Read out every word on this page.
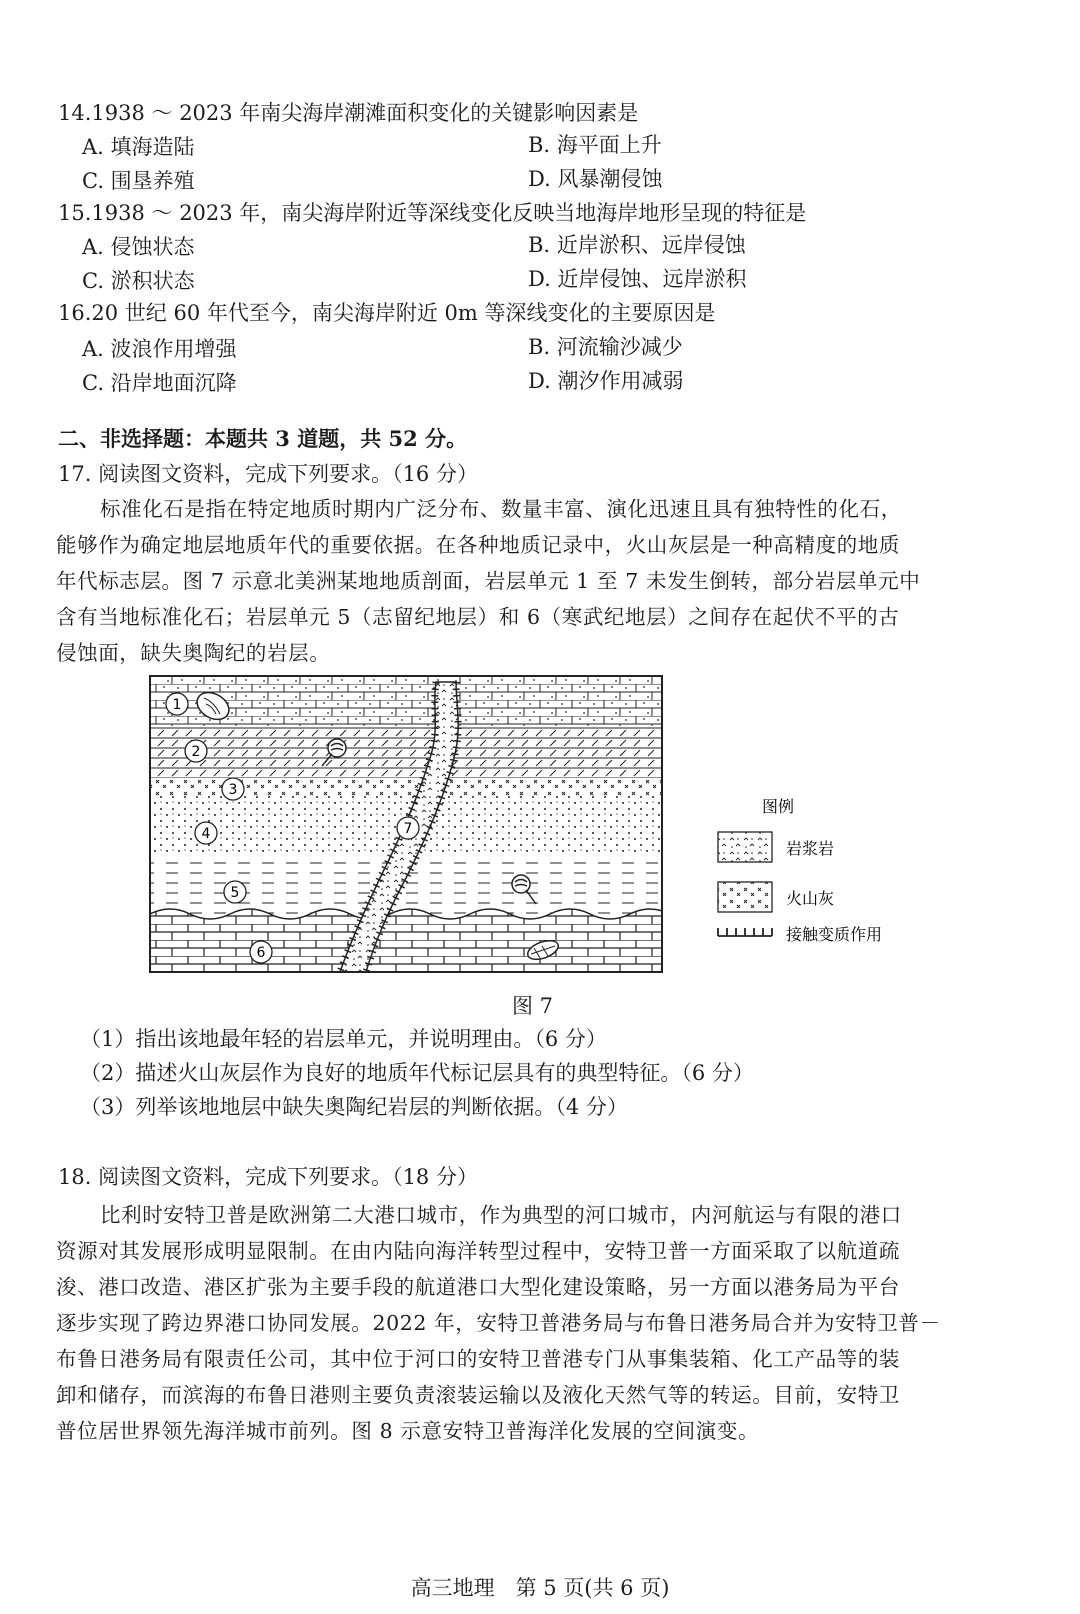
14.1938 ～ 2023 年南尖海岸潮滩面积变化的关键影响因素是
A. 填海造陆	B. 海平面上升
C. 围垦养殖	D. 风暴潮侵蚀
15.1938 ～ 2023 年，南尖海岸附近等深线变化反映当地海岸地形呈现的特征是
A. 侵蚀状态	B. 近岸淤积、远岸侵蚀
C. 淤积状态	D. 近岸侵蚀、远岸淤积
16.20 世纪 60 年代至今，南尖海岸附近 0m 等深线变化的主要原因是
A. 波浪作用增强	B. 河流输沙减少
C. 沿岸地面沉降	D. 潮汐作用减弱
二、非选择题：本题共 3 道题，共 52 分。
17. 阅读图文资料，完成下列要求。（16 分）
标准化石是指在特定地质时期内广泛分布、数量丰富、演化迅速且具有独特性的化石，
能够作为确定地层地质年代的重要依据。在各种地质记录中，火山灰层是一种高精度的地质
年代标志层。图 7 示意北美洲某地地质剖面，岩层单元 1 至 7 未发生倒转，部分岩层单元中
含有当地标准化石；岩层单元 5（志留纪地层）和 6（寒武纪地层）之间存在起伏不平的古
侵蚀面，缺失奥陶纪的岩层。
1
2
3
4
5
6
7
图例
岩浆岩
火山灰
接触变质作用
图 7
（1）指出该地最年轻的岩层单元，并说明理由。（6 分）
（2）描述火山灰层作为良好的地质年代标记层具有的典型特征。（6 分）
（3）列举该地地层中缺失奥陶纪岩层的判断依据。（4 分）
18. 阅读图文资料，完成下列要求。（18 分）
比利时安特卫普是欧洲第二大港口城市，作为典型的河口城市，内河航运与有限的港口
资源对其发展形成明显限制。在由内陆向海洋转型过程中，安特卫普一方面采取了以航道疏
浚、港口改造、港区扩张为主要手段的航道港口大型化建设策略，另一方面以港务局为平台
逐步实现了跨边界港口协同发展。2022 年，安特卫普港务局与布鲁日港务局合并为安特卫普－
布鲁日港务局有限责任公司，其中位于河口的安特卫普港专门从事集装箱、化工产品等的装
卸和储存，而滨海的布鲁日港则主要负责滚装运输以及液化天然气等的转运。目前，安特卫
普位居世界领先海洋城市前列。图 8 示意安特卫普海洋化发展的空间演变。
高三地理　第 5 页(共 6 页)
